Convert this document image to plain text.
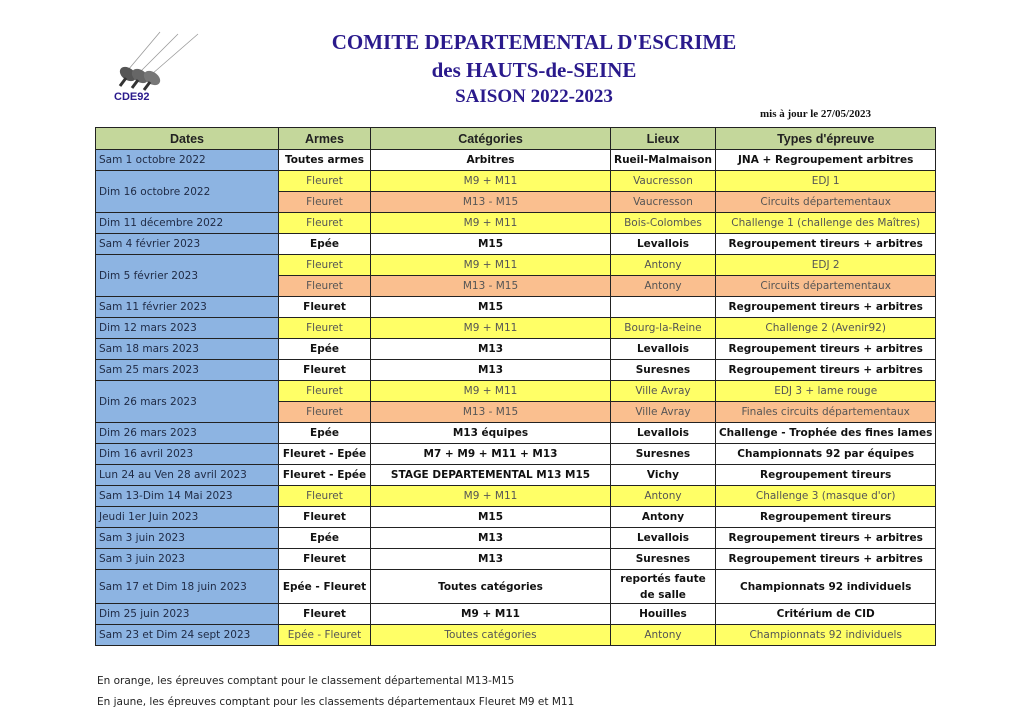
CDE92
COMITE DEPARTEMENTAL D'ESCRIME
des HAUTS-de-SEINE
SAISON 2022-2023
mis à jour le 27/05/2023
Dates	Armes	Catégories	Lieux	Types d'épreuve
Sam 1 octobre 2022	Toutes armes	Arbitres	Rueil-Malmaison	JNA + Regroupement arbitres
Dim 16 octobre 2022	Fleuret	M9 + M11	Vaucresson	EDJ 1
	Fleuret	M13 - M15	Vaucresson	Circuits départementaux
Dim 11 décembre 2022	Fleuret	M9 + M11	Bois-Colombes	Challenge 1 (challenge des Maîtres)
Sam 4 février 2023	Epée	M15	Levallois	Regroupement tireurs + arbitres
Dim 5 février 2023	Fleuret	M9 + M11	Antony	EDJ 2
	Fleuret	M13 - M15	Antony	Circuits départementaux
Sam 11 février 2023	Fleuret	M15		Regroupement tireurs + arbitres
Dim 12 mars 2023	Fleuret	M9 + M11	Bourg-la-Reine	Challenge 2 (Avenir92)
Sam 18 mars 2023	Epée	M13	Levallois	Regroupement tireurs + arbitres
Sam 25 mars 2023	Fleuret	M13	Suresnes	Regroupement tireurs + arbitres
Dim 26 mars 2023	Fleuret	M9 + M11	Ville Avray	EDJ 3 + lame rouge
	Fleuret	M13 - M15	Ville Avray	Finales circuits départementaux
Dim 26 mars 2023	Epée	M13 équipes	Levallois	Challenge - Trophée des fines lames
Dim 16 avril 2023	Fleuret - Epée	M7 + M9 + M11 + M13	Suresnes	Championnats 92 par équipes
Lun 24 au Ven 28 avril 2023	Fleuret - Epée	STAGE DEPARTEMENTAL M13 M15	Vichy	Regroupement tireurs
Sam 13-Dim 14 Mai 2023	Fleuret	M9 + M11	Antony	Challenge 3 (masque d'or)
Jeudi 1er Juin 2023	Fleuret	M15	Antony	Regroupement tireurs
Sam 3 juin 2023	Epée	M13	Levallois	Regroupement tireurs + arbitres
Sam 3 juin 2023	Fleuret	M13	Suresnes	Regroupement tireurs + arbitres
Sam 17 et Dim 18 juin 2023	Epée - Fleuret	Toutes catégories	reportés faute de salle	Championnats 92 individuels
Dim 25 juin 2023	Fleuret	M9 + M11	Houilles	Critérium de CID
Sam 23 et Dim 24 sept 2023	Epée - Fleuret	Toutes catégories	Antony	Championnats 92 individuels
En orange, les épreuves comptant pour le classement départemental M13-M15
En jaune, les épreuves comptant pour les classements départementaux Fleuret M9 et M11
